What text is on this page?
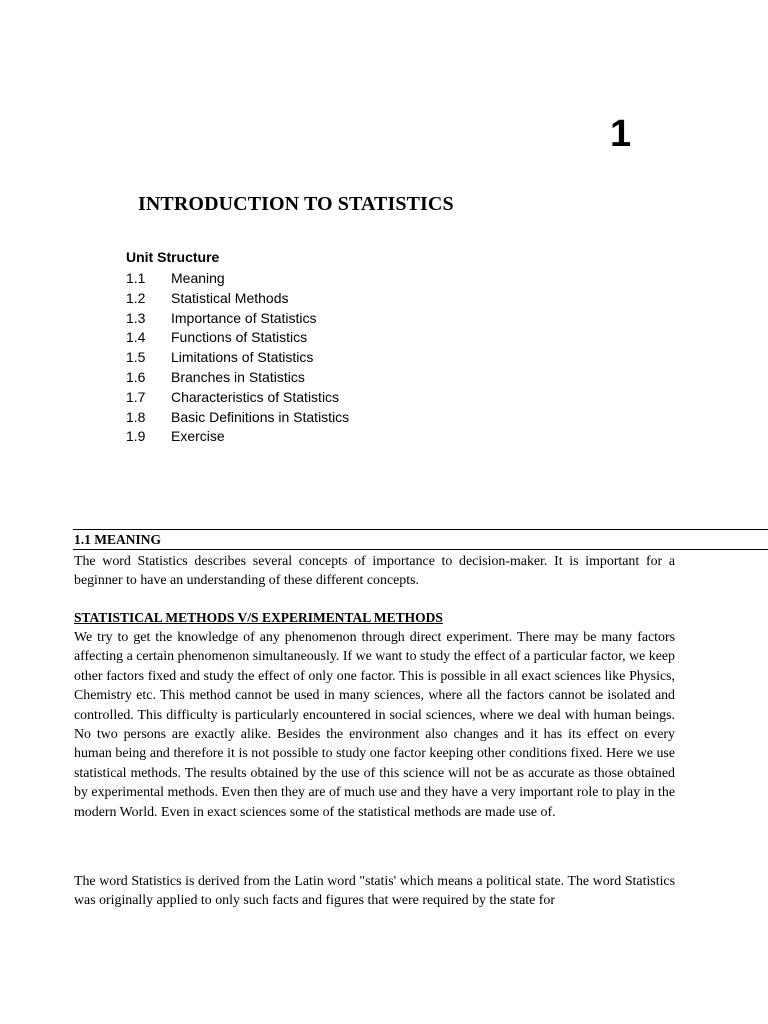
1
INTRODUCTION TO STATISTICS
Unit Structure
1.1 Meaning
1.2 Statistical Methods
1.3 Importance of Statistics
1.4 Functions of Statistics
1.5 Limitations of Statistics
1.6 Branches in Statistics
1.7 Characteristics of Statistics
1.8 Basic Definitions in Statistics
1.9 Exercise
1.1 MEANING

The word Statistics describes several concepts of importance to decision-maker. It is important for a beginner to have an understanding of these different concepts.

STATISTICAL METHODS V/S EXPERIMENTAL METHODS

We try to get the knowledge of any phenomenon through direct experiment. There may be many factors affecting a certain phenomenon simultaneously. If we want to study the effect of a particular factor, we keep other factors fixed and study the effect of only one factor. This is possible in all exact sciences like Physics, Chemistry etc. This method cannot be used in many sciences, where all the factors cannot be isolated and controlled. This difficulty is particularly encountered in social sciences, where we deal with human beings. No two persons are exactly alike. Besides the environment also changes and it has its effect on every human being and therefore it is not possible to study one factor keeping other conditions fixed. Here we use statistical methods. The results obtained by the use of this science will not be as accurate as those obtained by experimental methods. Even then they are of much use and they have a very important role to play in the modern World. Even in exact sciences some of the statistical methods are made use of.

The word Statistics is derived from the Latin word "statis' which means a political state. The word Statistics was originally applied to only such facts and figures that were required by the state for
